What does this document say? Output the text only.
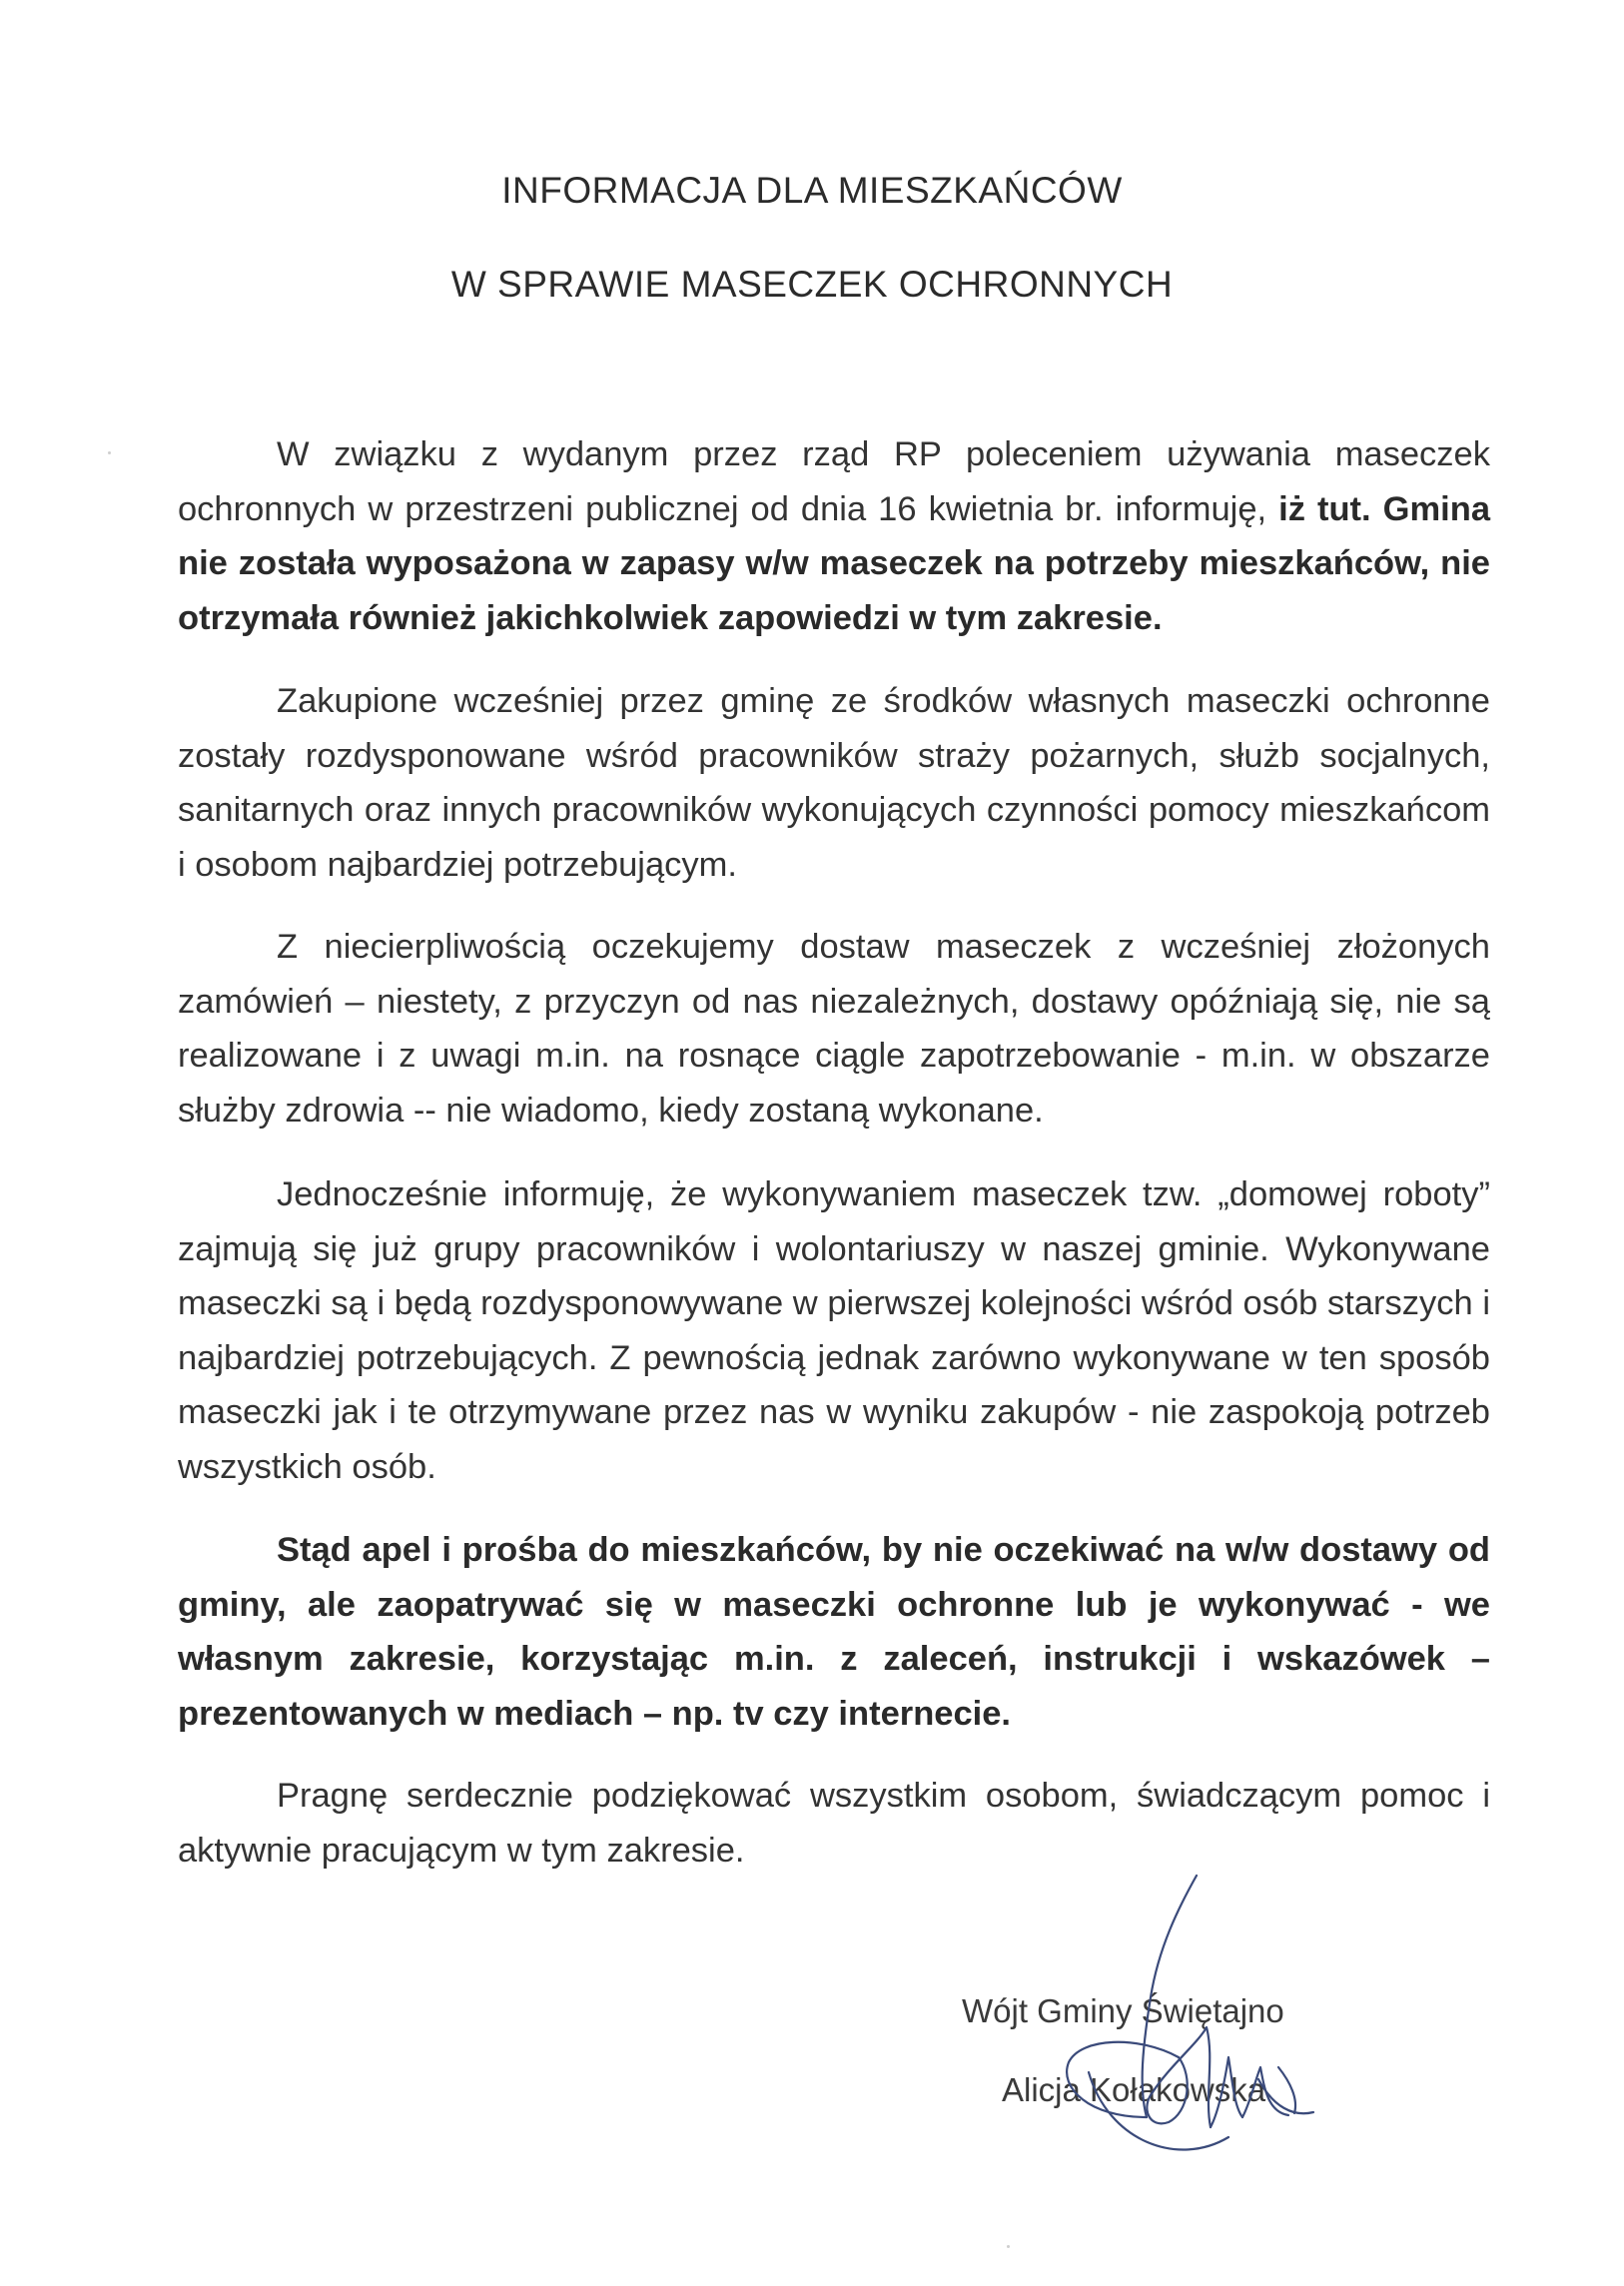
INFORMACJA DLA MIESZKAŃCÓW
W SPRAWIE MASECZEK OCHRONNYCH

W związku z wydanym przez rząd RP poleceniem używania maseczek ochronnych w przestrzeni publicznej od dnia 16 kwietnia br. informuję, iż tut. Gmina nie została wyposażona w zapasy w/w maseczek na potrzeby mieszkańców, nie otrzymała również jakichkolwiek zapowiedzi w tym zakresie.

Zakupione wcześniej przez gminę ze środków własnych maseczki ochronne zostały rozdysponowane wśród pracowników straży pożarnych, służb socjalnych, sanitarnych oraz innych pracowników wykonujących czynności pomocy mieszkańcom i osobom najbardziej potrzebującym.

Z niecierpliwością oczekujemy dostaw maseczek z wcześniej złożonych zamówień – niestety, z przyczyn od nas niezależnych, dostawy opóźniają się, nie są realizowane i z uwagi m.in. na rosnące ciągle zapotrzebowanie - m.in. w obszarze służby zdrowia -- nie wiadomo, kiedy zostaną wykonane.

Jednocześnie informuję, że wykonywaniem maseczek tzw. „domowej roboty” zajmują się już grupy pracowników i wolontariuszy w naszej gminie. Wykonywane maseczki są i będą rozdysponowywane w pierwszej kolejności wśród osób starszych i najbardziej potrzebujących. Z pewnością jednak zarówno wykonywane w ten sposób maseczki jak i te otrzymywane przez nas w wyniku zakupów - nie zaspokoją potrzeb wszystkich osób.

Stąd apel i prośba do mieszkańców, by nie oczekiwać na w/w dostawy od gminy, ale zaopatrywać się w maseczki ochronne lub je wykonywać - we własnym zakresie, korzystając m.in. z zaleceń, instrukcji i wskazówek – prezentowanych w mediach – np. tv czy internecie.

Pragnę serdecznie podziękować wszystkim osobom, świadczącym pomoc i aktywnie pracującym w tym zakresie.

Wójt Gminy Świętajno
Alicja Kołakowska
